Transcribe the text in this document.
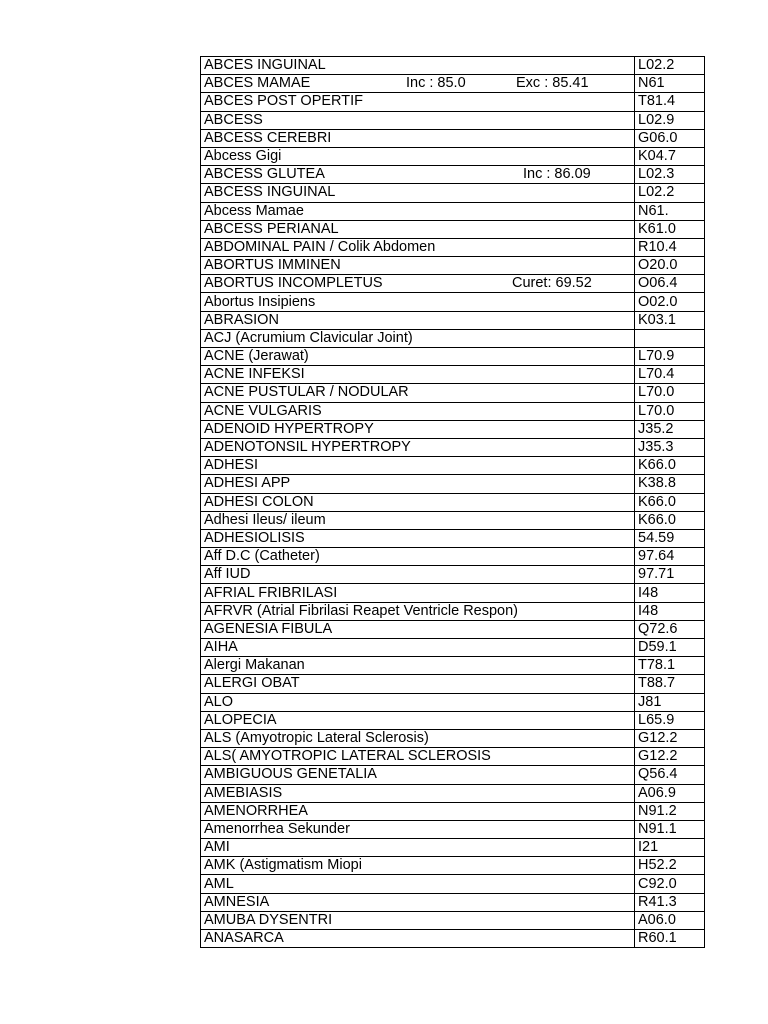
ABCES INGUINAL	L02.2
ABCES MAMAE Inc : 85.0 Exc : 85.41	N61
ABCES POST OPERTIF	T81.4
ABCESS	L02.9
ABCESS CEREBRI	G06.0
Abcess Gigi	K04.7
ABCESS GLUTEA Inc : 86.09	L02.3
ABCESS INGUINAL	L02.2
Abcess Mamae	N61.
ABCESS PERIANAL	K61.0
ABDOMINAL PAIN / Colik Abdomen	R10.4
ABORTUS IMMINEN	O20.0
ABORTUS INCOMPLETUS Curet: 69.52	O06.4
Abortus Insipiens	O02.0
ABRASION	K03.1
ACJ (Acrumium Clavicular Joint)	
ACNE (Jerawat)	L70.9
ACNE INFEKSI	L70.4
ACNE PUSTULAR / NODULAR	L70.0
ACNE VULGARIS	L70.0
ADENOID HYPERTROPY	J35.2
ADENOTONSIL HYPERTROPY	J35.3
ADHESI	K66.0
ADHESI APP	K38.8
ADHESI COLON	K66.0
Adhesi Ileus/ ileum	K66.0
ADHESIOLISIS	54.59
Aff D.C (Catheter)	97.64
Aff IUD	97.71
AFRIAL FRIBRILASI	I48
AFRVR (Atrial Fibrilasi Reapet Ventricle Respon)	I48
AGENESIA FIBULA	Q72.6
AIHA	D59.1
Alergi Makanan	T78.1
ALERGI OBAT	T88.7
ALO	J81
ALOPECIA	L65.9
ALS (Amyotropic Lateral Sclerosis)	G12.2
ALS( AMYOTROPIC LATERAL SCLEROSIS	G12.2
AMBIGUOUS GENETALIA	Q56.4
AMEBIASIS	A06.9
AMENORRHEA	N91.2
Amenorrhea Sekunder	N91.1
AMI	I21
AMK (Astigmatism Miopi	H52.2
AML	C92.0
AMNESIA	R41.3
AMUBA DYSENTRI	A06.0
ANASARCA	R60.1
